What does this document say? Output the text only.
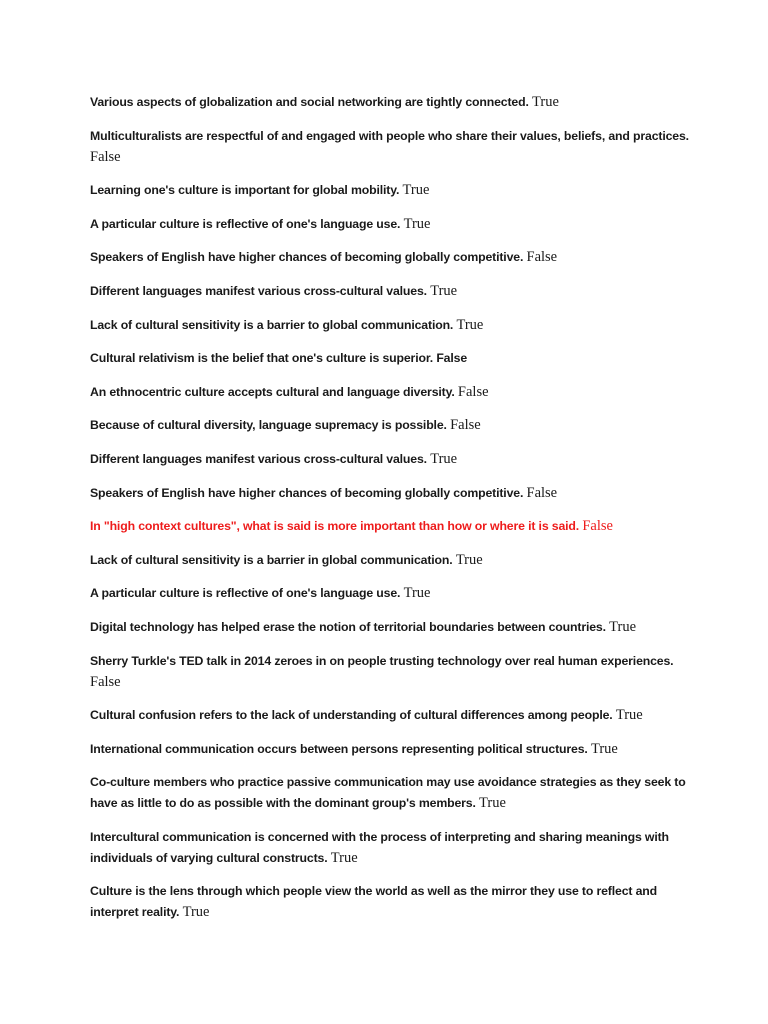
Various aspects of globalization and social networking are tightly connected. True
Multiculturalists are respectful of and engaged with people who share their values, beliefs, and practices. False
Learning one's culture is important for global mobility. True
A particular culture is reflective of one's language use. True
Speakers of English have higher chances of becoming globally competitive. False
Different languages manifest various cross-cultural values. True
Lack of cultural sensitivity is a barrier to global communication. True
Cultural relativism is the belief that one's culture is superior. False
An ethnocentric culture accepts cultural and language diversity. False
Because of cultural diversity, language supremacy is possible. False
Different languages manifest various cross-cultural values. True
Speakers of English have higher chances of becoming globally competitive. False
In "high context cultures", what is said is more important than how or where it is said. False
Lack of cultural sensitivity is a barrier in global communication. True
A particular culture is reflective of one's language use. True
Digital technology has helped erase the notion of territorial boundaries between countries. True
Sherry Turkle's TED talk in 2014 zeroes in on people trusting technology over real human experiences. False
Cultural confusion refers to the lack of understanding of cultural differences among people. True
International communication occurs between persons representing political structures. True
Co-culture members who practice passive communication may use avoidance strategies as they seek to have as little to do as possible with the dominant group's members. True
Intercultural communication is concerned with the process of interpreting and sharing meanings with individuals of varying cultural constructs. True
Culture is the lens through which people view the world as well as the mirror they use to reflect and interpret reality. True
